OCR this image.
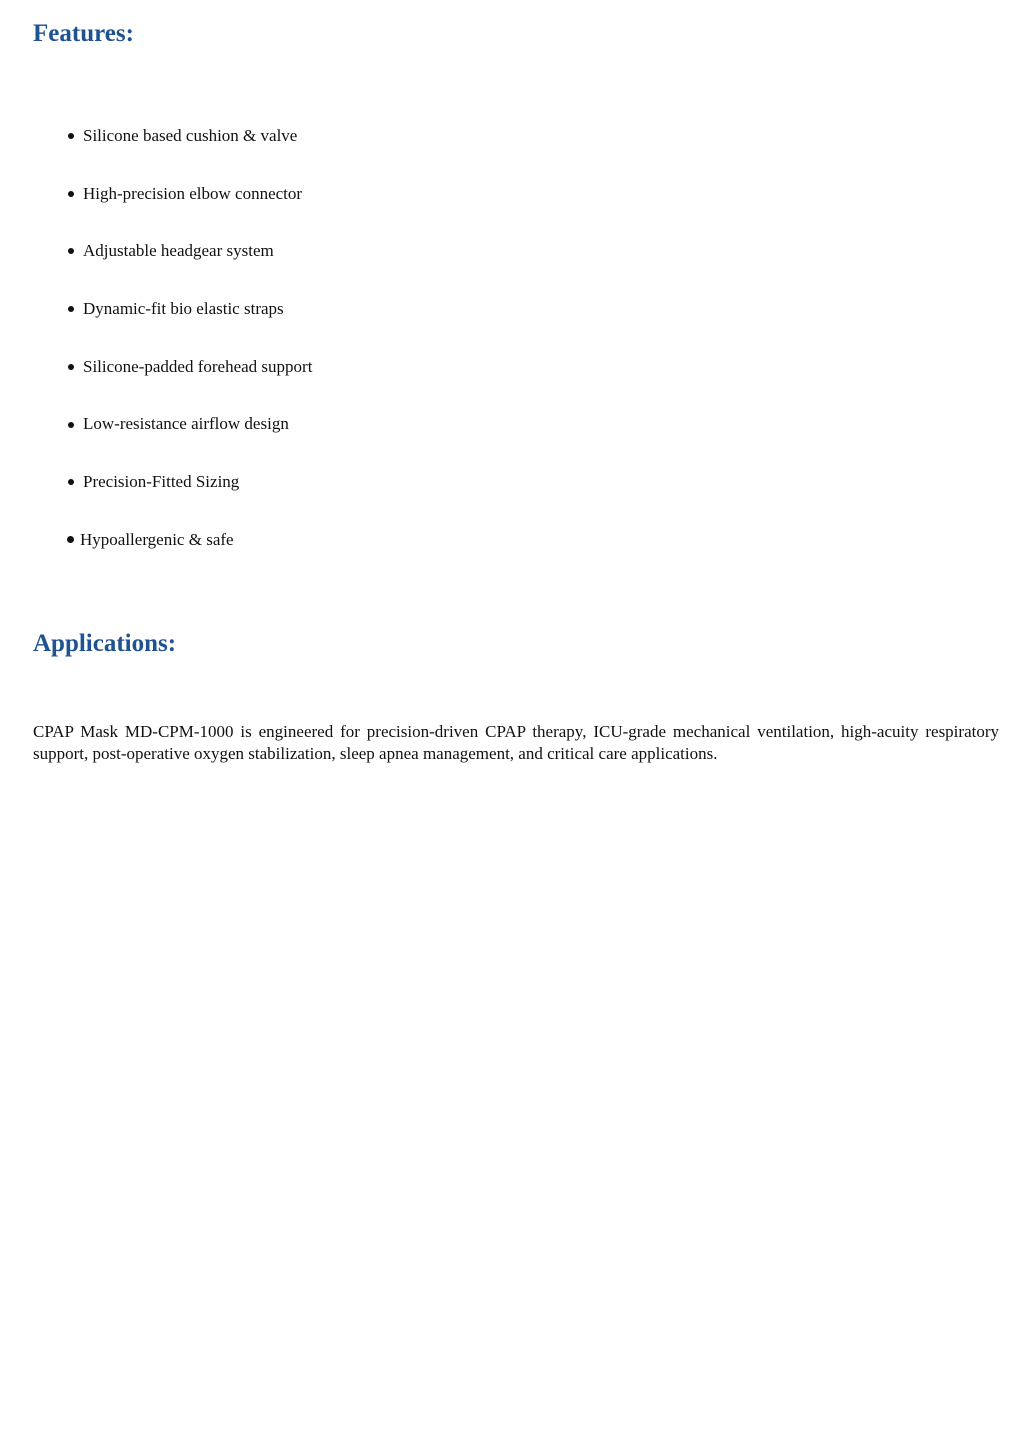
Features:
Silicone based cushion & valve
High-precision elbow connector
Adjustable headgear system
Dynamic-fit bio elastic straps
Silicone-padded forehead support
Low-resistance airflow design
Precision-Fitted Sizing
Hypoallergenic & safe
Applications:

CPAP Mask MD-CPM-1000 is engineered for precision-driven CPAP therapy, ICU-grade mechanical ventilation, high-acuity respiratory support, post-operative oxygen stabilization, sleep apnea management, and critical care applications.
